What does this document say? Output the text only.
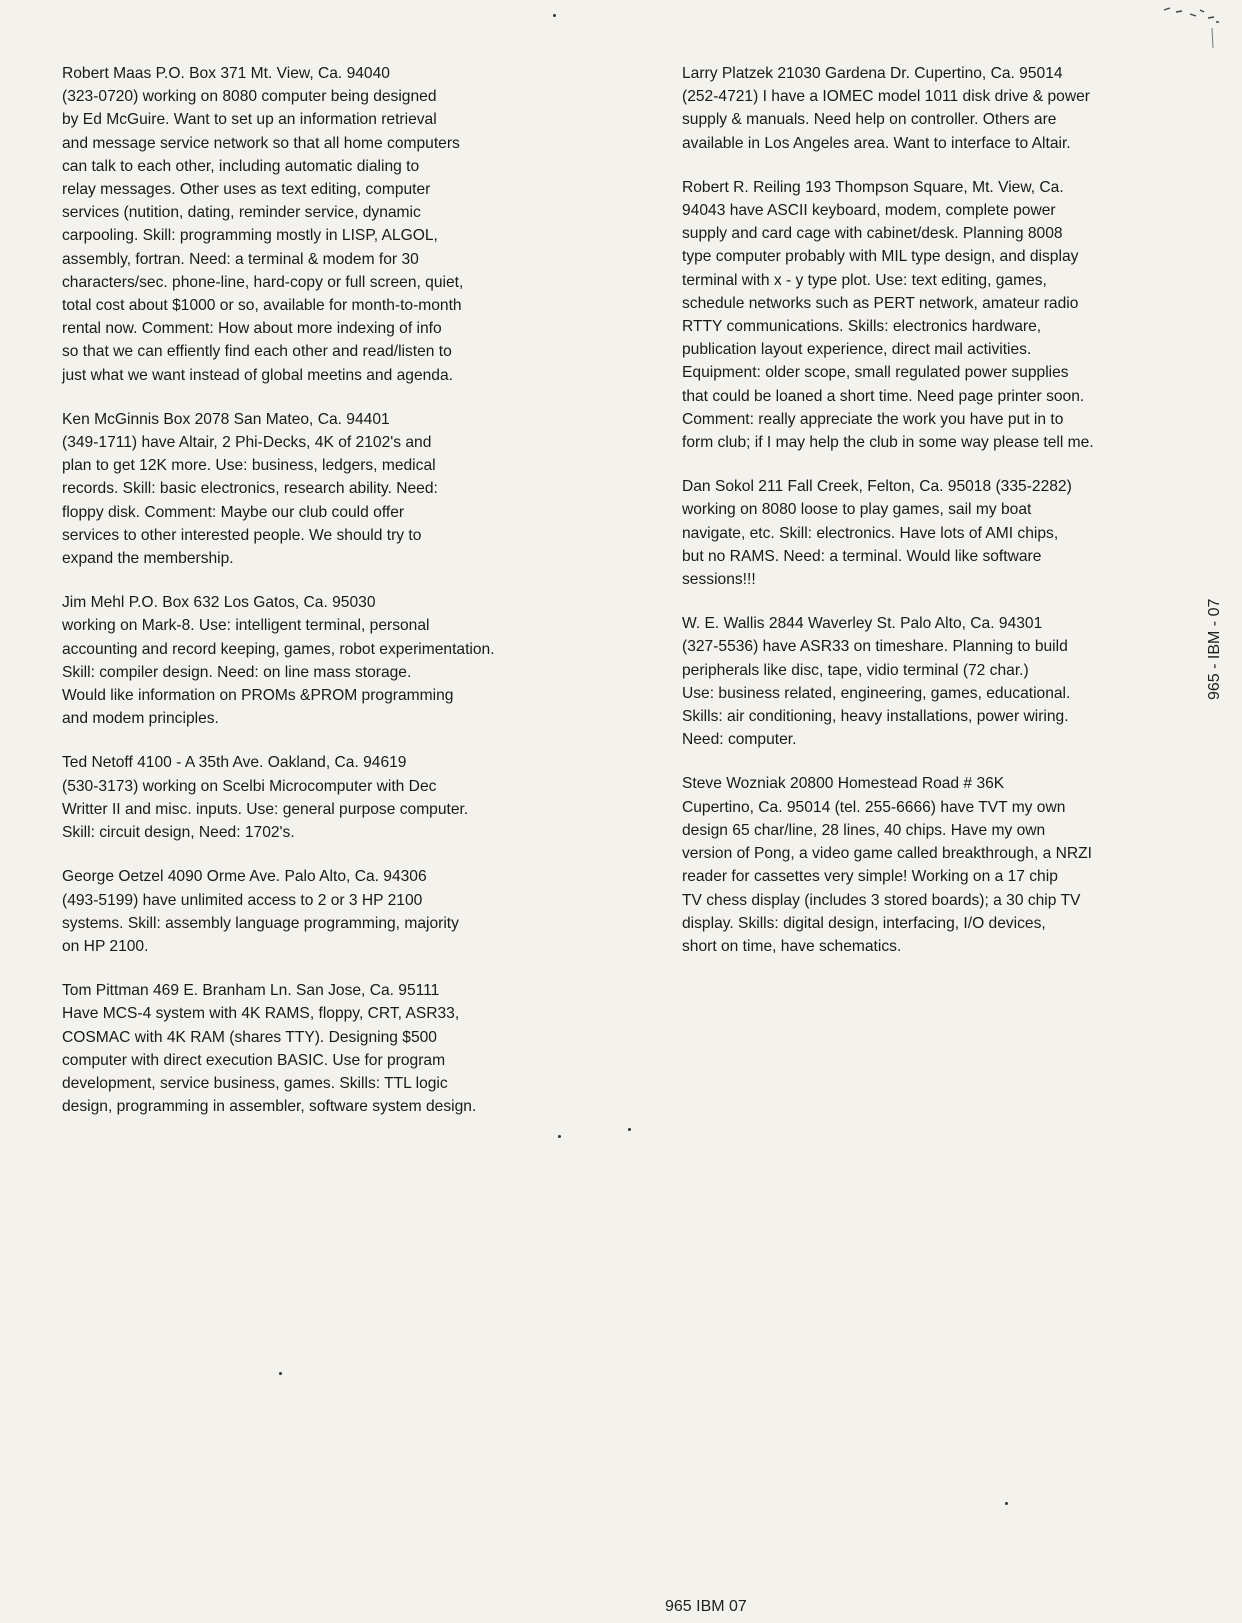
Robert Maas P.O. Box 371 Mt. View, Ca. 94040
(323-0720) working on 8080 computer being designed
by Ed McGuire. Want to set up an information retrieval
and message service network so that all home computers
can talk to each other, including automatic dialing to
relay messages. Other uses as text editing, computer
services (nutition, dating, reminder service, dynamic
carpooling. Skill: programming mostly in LISP, ALGOL,
assembly, fortran. Need: a terminal & modem for 30
characters/sec. phone-line, hard-copy or full screen, quiet,
total cost about $1000 or so, available for month-to-month
rental now. Comment: How about more indexing of info
so that we can effiently find each other and read/listen to
just what we want instead of global meetins and agenda.
Ken McGinnis Box 2078 San Mateo, Ca. 94401
(349-1711) have Altair, 2 Phi-Decks, 4K of 2102's and
plan to get 12K more. Use: business, ledgers, medical
records. Skill: basic electronics, research ability. Need:
floppy disk. Comment: Maybe our club could offer
services to other interested people. We should try to
expand the membership.
Jim Mehl P.O. Box 632 Los Gatos, Ca. 95030
working on Mark-8. Use: intelligent terminal, personal
accounting and record keeping, games, robot experimentation.
Skill: compiler design. Need: on line mass storage.
Would like information on PROMs &PROM programming
and modem principles.
Ted Netoff 4100 - A 35th Ave. Oakland, Ca. 94619
(530-3173) working on Scelbi Microcomputer with Dec
Writter II and misc. inputs. Use: general purpose computer.
Skill: circuit design, Need: 1702's.
George Oetzel 4090 Orme Ave. Palo Alto, Ca. 94306
(493-5199) have unlimited access to 2 or 3 HP 2100
systems. Skill: assembly language programming, majority
on HP 2100.
Tom Pittman 469 E. Branham Ln. San Jose, Ca. 95111
Have MCS-4 system with 4K RAMS, floppy, CRT, ASR33,
COSMAC with 4K RAM (shares TTY). Designing $500
computer with direct execution BASIC. Use for program
development, service business, games. Skills: TTL logic
design, programming in assembler, software system design.
Larry Platzek 21030 Gardena Dr. Cupertino, Ca. 95014
(252-4721) I have a IOMEC model 1011 disk drive & power
supply & manuals. Need help on controller. Others are
available in Los Angeles area. Want to interface to Altair.
Robert R. Reiling 193 Thompson Square, Mt. View, Ca.
94043 have ASCII keyboard, modem, complete power
supply and card cage with cabinet/desk. Planning 8008
type computer probably with MIL type design, and display
terminal with x - y type plot. Use: text editing, games,
schedule networks such as PERT network, amateur radio
RTTY communications. Skills: electronics hardware,
publication layout experience, direct mail activities.
Equipment: older scope, small regulated power supplies
that could be loaned a short time. Need page printer soon.
Comment: really appreciate the work you have put in to
form club; if I may help the club in some way please tell me.
Dan Sokol 211 Fall Creek, Felton, Ca. 95018 (335-2282)
working on 8080 loose to play games, sail my boat
navigate, etc. Skill: electronics. Have lots of AMI chips,
but no RAMS. Need: a terminal. Would like software
sessions!!!
W. E. Wallis 2844 Waverley St. Palo Alto, Ca. 94301
(327-5536) have ASR33 on timeshare. Planning to build
peripherals like disc, tape, vidio terminal (72 char.)
Use: business related, engineering, games, educational.
Skills: air conditioning, heavy installations, power wiring.
Need: computer.
Steve Wozniak 20800 Homestead Road # 36K
Cupertino, Ca. 95014 (tel. 255-6666) have TVT my own
design 65 char/line, 28 lines, 40 chips. Have my own
version of Pong, a video game called breakthrough, a NRZI
reader for cassettes very simple! Working on a 17 chip
TV chess display (includes 3 stored boards); a 30 chip TV
display. Skills: digital design, interfacing, I/O devices,
short on time, have schematics.
965 - IBM - 07
965 IBM 07
